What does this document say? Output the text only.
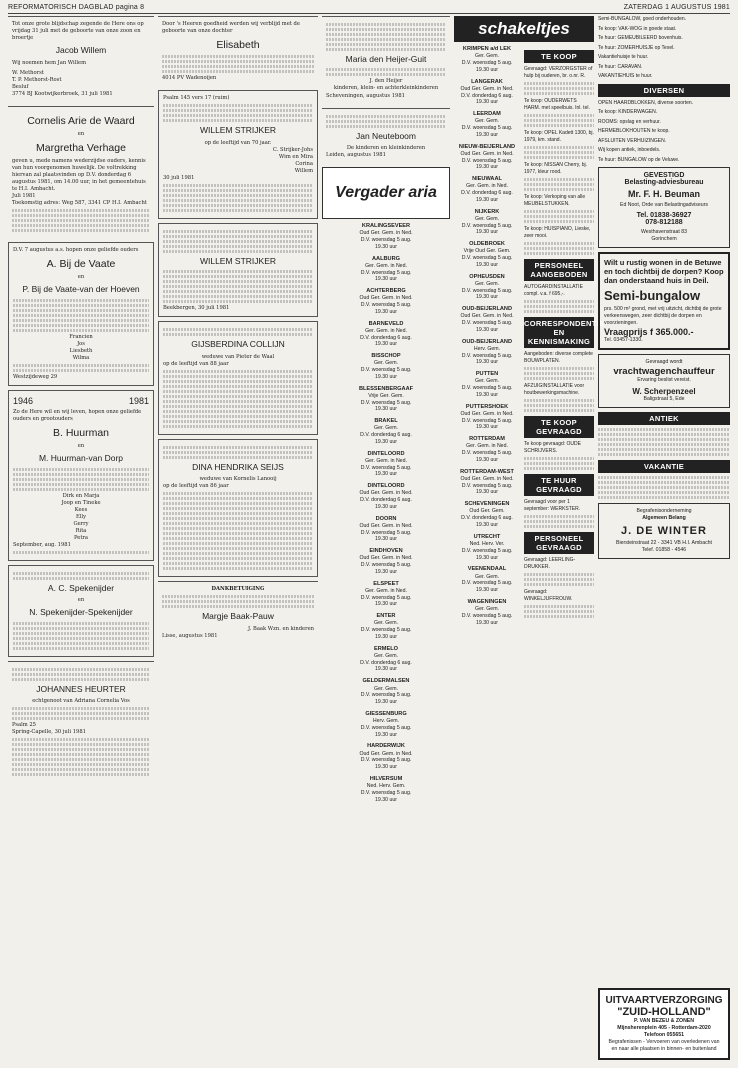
REFORMATORISCH DAGBLAD pagina 8	ZATERDAG 1 AUGUSTUS 1981
Tot onze grote blijdschap zegende de Here ons op vrijdag 31 juli met de geboorte van onze zoon en broertje
Jacob Willem
Wij noemen hem Jan Willem
W. Methorst
T. P. Methorst-Rost
Besluf
3774 BJ Kootwijkerbroek, 31 juli 1981
Cornelis Arie de Waard
en
Margretha Verhage
geven u, mede namens wederzijdse ouders, kennis van hun voorgenomen huwelijk. De voltrekking hiervan zal plaatsvinden op D.V. donderdag 6 augustus 1981, om 14.00 uur, in het gemeentehuis te H.I. Ambacht.
Juli 1981
Toekomstig adres: Weg 587, 3341 CP H.I. Ambacht

D.V. 7 augustus a.s. hopen onze geliefde ouders
A. Bij de Vaate
en
P. Bij de Vaate-van der Hoeven

Francien
Jos
Liesbeth
Wilma

Westzijdeweg 29
1946	1981
Zo de Here wil en wij leven, hopen onze geliefde ouders en grootouders
B. Huurman
en
M. Huurman-van Dorp

Dirk en Marja
Joop en Tineke
Kees
Elly
Gerry
Rita
Petra
September, aug. 1981

A. C. Spekenijder
en
N. Spekenijder-Spekenijder

JOHANNES HEURTER
echtgenoot van Adriana Cornelia Vos

Psalm 25
Spring-Capelle, 30 juli 1981

Door 's Heeren goedheid werden wij verblijd met de geboorte van onze dochter
Elisabeth

4014 PV Wadenoijen
Psalm 145 vers 17 (ruim)

WILLEM STRIJKER
op de leeftijd van 70 jaar.
C. Strijker-Johs
Wim en Mira
Corina
Willem
30 juli 1981

WILLEM STRIJKER

Beekbergen, 30 juli 1981

GIJSBERDINA COLLIJN
weduwe van Pieter de Waal
op de leeftijd van 88 jaar

DINA HENDRIKA SEIJS
weduwe van Kornelis Lanooij
op de leeftijd van 86 jaar

DANKBETUIGING

Margje Baak-Pauw
J. Baak Wzn. en kinderen
Lisse, augustus 1981

Maria den Heijer-Guit

J. den Heijer
kinderen, klein- en achterkleinkinderen
Scheveningen, augustus 1981

Jan Neuteboom
De kinderen en kleinkinderen
Leiden, augustus 1981
Vergader aria
KRALINGSEVEER
Oud Ger. Gem. in Ned.
D.V. woensdag 5 aug.
19.30 uur
AALBURG
Ger. Gem. in Ned.
D.V. woensdag 5 aug.
19.30 uur
ACHTERBERG
Oud Ger. Gem. in Ned.
D.V. woensdag 5 aug.
19.30 uur
BARNEVELD
Ger. Gem. in Ned.
D.V. donderdag 6 aug.
19.30 uur
BISSCHOP
Ger. Gem.
D.V. woensdag 5 aug.
19.30 uur
BLESSENBERGAAF
Vrije Ger. Gem.
D.V. woensdag 5 aug.
19.30 uur
BRAKEL
Ger. Gem.
D.V. donderdag 6 aug.
19.30 uur
DINTELOORD
Ger. Gem. in Ned.
D.V. woensdag 5 aug.
19.30 uur
DINTELOORD
Oud Ger. Gem. in Ned.
D.V. donderdag 6 aug.
19.30 uur
DOORN
Oud Ger. Gem. in Ned.
D.V. woensdag 5 aug.
19.30 uur
EINDHOVEN
Oud Ger. Gem. in Ned.
D.V. woensdag 5 aug.
19.30 uur
ELSPEET
Ger. Gem. in Ned.
D.V. woensdag 5 aug.
19.30 uur
ENTER
Ger. Gem.
D.V. woensdag 5 aug.
19.30 uur
ERMELO
Ger. Gem.
D.V. donderdag 6 aug.
19.30 uur
GELDERMALSEN
Ger. Gem.
D.V. woensdag 5 aug.
19.30 uur
GIESSENBURG
Herv. Gem.
D.V. woensdag 5 aug.
19.30 uur
HARDERWIJK
Oud Ger. Gem. in Ned.
D.V. woensdag 5 aug.
19.30 uur
HILVERSUM
Ned. Herv. Gem.
D.V. woensdag 5 aug.
19.30 uur
schakeltjes
KRIMPEN a/d LEK
Ger. Gem.
D.V. woensdag 5 aug.
19.30 uur
LANGERAK
Oud Ger. Gem. in Ned.
D.V. donderdag 6 aug.
19.30 uur
LEERDAM
Ger. Gem.
D.V. woensdag 5 aug.
19.30 uur
NIEUW-BEIJERLAND
Oud Ger. Gem. in Ned.
D.V. woensdag 5 aug.
19.30 uur
NIEUWAAL
Ger. Gem. in Ned.
D.V. donderdag 6 aug.
19.30 uur
NIJKERK
Ger. Gem.
D.V. woensdag 5 aug.
19.30 uur
OLDEBROEK
Vrije Oud Ger. Gem.
D.V. woensdag 5 aug.
19.30 uur
OPHEUSDEN
Ger. Gem.
D.V. woensdag 5 aug.
19.30 uur
OUD-BEIJERLAND
Oud Ger. Gem. in Ned.
D.V. woensdag 5 aug.
19.30 uur
OUD-BEIJERLAND
Herv. Gem.
D.V. woensdag 5 aug.
19.30 uur
PUTTEN
Ger. Gem.
D.V. woensdag 5 aug.
19.30 uur
PUTTERSHOEK
Oud Ger. Gem. in Ned.
D.V. woensdag 5 aug.
19.30 uur
ROTTERDAM
Ger. Gem. in Ned.
D.V. woensdag 5 aug.
19.30 uur
ROTTERDAM-WEST
Oud Ger. Gem. in Ned.
D.V. woensdag 5 aug.
19.30 uur
SCHEVENINGEN
Oud Ger. Gem.
D.V. donderdag 6 aug.
19.30 uur
UTRECHT
Ned. Herv. Ver.
D.V. woensdag 5 aug.
19.30 uur
VEENENDAAL
Ger. Gem.
D.V. woensdag 5 aug.
19.30 uur
WAGENINGEN
Ger. Gem.
D.V. woensdag 5 aug.
19.30 uur
TE KOOP
Gevraagd: VERZORGSTER of hulp bij ouderen, br. o.nr. R.

Te koop: OUDERWETS HARM. met speelbuis. Inl. tel.

Te koop: OPEL Kadett 1300, bj. 1979, km. stand.

Te koop: NISSAN Cherry, bj. 1977, kleur rood.

Te koop: Verkoping van alle MEUBELSTUKKEN.

Te koop: HUISPIANO, Lieske, zeer mooi.

PERSONEEL AANGEBODEN
AUTOGARDINSTALLATIE compl. v.a. f 695,-.

CORRESPONDENTIE EN KENNISMAKING
Aangeboden: diverse complete BOUWPLATEN.

AFZUIGINSTALLATIE voor houtbewerkingsmachine.

TE KOOP GEVRAAGD
Te koop gevraagd: OUDE SCHRIJVERS.

TE HUUR GEVRAAGD
Gevraagd voor per 1 september: WERKSTER.

PERSONEEL GEVRAAGD
Gevraagd: LEERLING-DRUKKER.

Gevraagd: WINKELJUFFROUW.

Semi-BUNGALOW, goed onderhouden.
Te koop: VAK-WOG in goede staat.
Te huur: GEMEUBILEERD bovenhuis.
Te huur: ZOMERHUISJE op Texel.
Vakantiehuisje te huur.
Te huur: CARAVAN.
VAKANTIEHUIS te huur.
DIVERSEN
OPEN HAARDBLOKKEN, diverse soorten.
Te koop: KINDERWAGEN.
ROOMS: opslag en verhuur.
HERMEBLOKHOUTEN te koop.
AFSLUITEN VERHUIZINGEN.
Wij kopen antiek, inboedels.
Te huur: BUNGALOW op de Veluwe.
GEVESTIGD
Belasting-adviesbureau
Mr. F. H. Beuman
Ed Noot, Orde van Belastingadviseurs
Tel. 01838-36927
078-812188
Westhavenstraat 83
Gorinchem
Wilt u rustig wonen in de Betuwe en toch dichtbij de dorpen? Koop dan onderstaand huis in Deil.
Semi-bungalow
prs. 500 m² grond, met vrij uitzicht, dichtbij de grote verkeerswegen, zeer dichtbij de dorpen en voorzieningen.
Vraagprijs f 365.000.-
Tel. 03457-1330.
Gevraagd wordt
vrachtwagenchauffeur
Ervaring beslist vereist.
W. Scherpenzeel
Baligstraat 5, Ede
ANTIEK

VAKANTIE

Begrafenisonderneming
Algemeen Belang
J. DE WINTER
Biersteinstraat 22 - 3341 VB H.I. Ambacht
Telef. 01858 - 4546
UITVAARTVERZORGING
"ZUID-HOLLAND"
P. VAN BEZEU & ZONEN
Mijnsherenplein 405 - Rotterdam-2020
Telefoon 055651
Begrafenissen - Vervoeren van overledenen van en naar alle plaatsen in binnen- en buitenland
